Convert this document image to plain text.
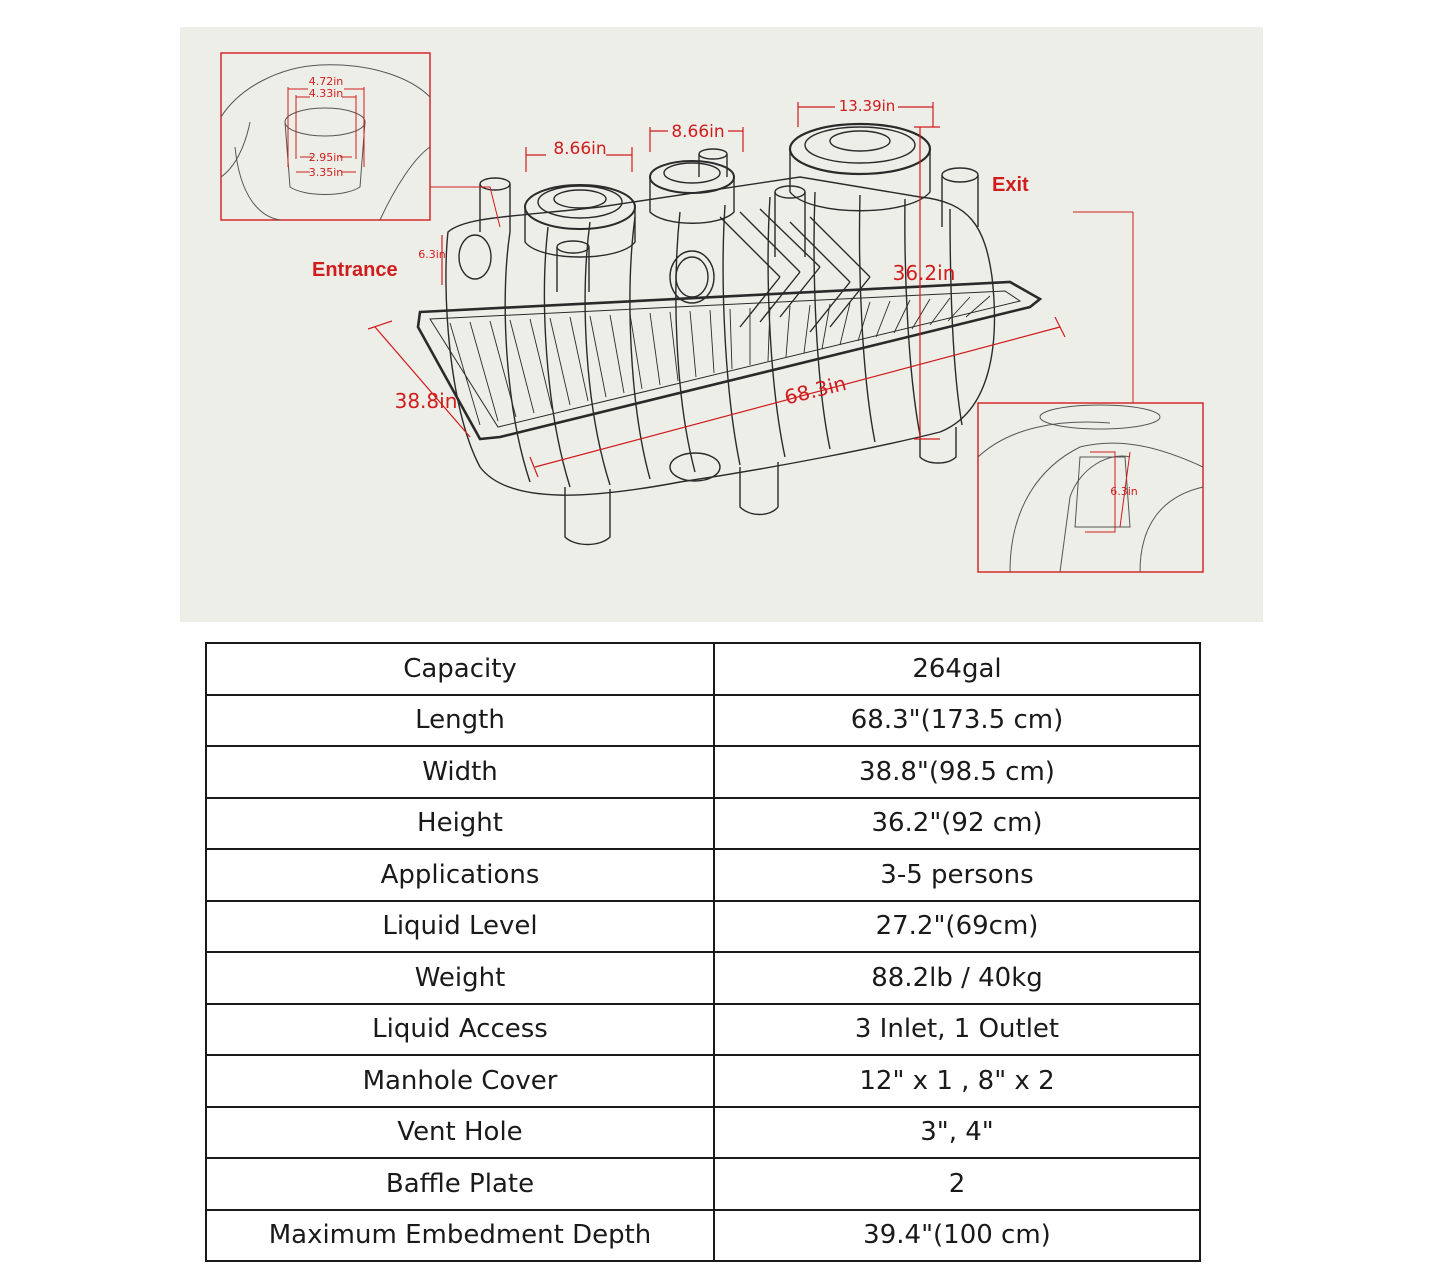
4.72in
4.33in
2.95in
3.35in
6.3in
8.66in
8.66in
13.39in
6.3in
36.2in
68.3in
38.8in
Entrance
Exit
Capacity	264gal
Length	68.3"(173.5 cm)
Width	38.8"(98.5 cm)
Height	36.2"(92 cm)
Applications	3-5 persons
Liquid Level	27.2"(69cm)
Weight	88.2lb / 40kg
Liquid Access	3 Inlet, 1 Outlet
Manhole Cover	12" x 1 , 8" x 2
Vent Hole	3", 4"
Baffle Plate	2
Maximum Embedment Depth	39.4"(100 cm)
